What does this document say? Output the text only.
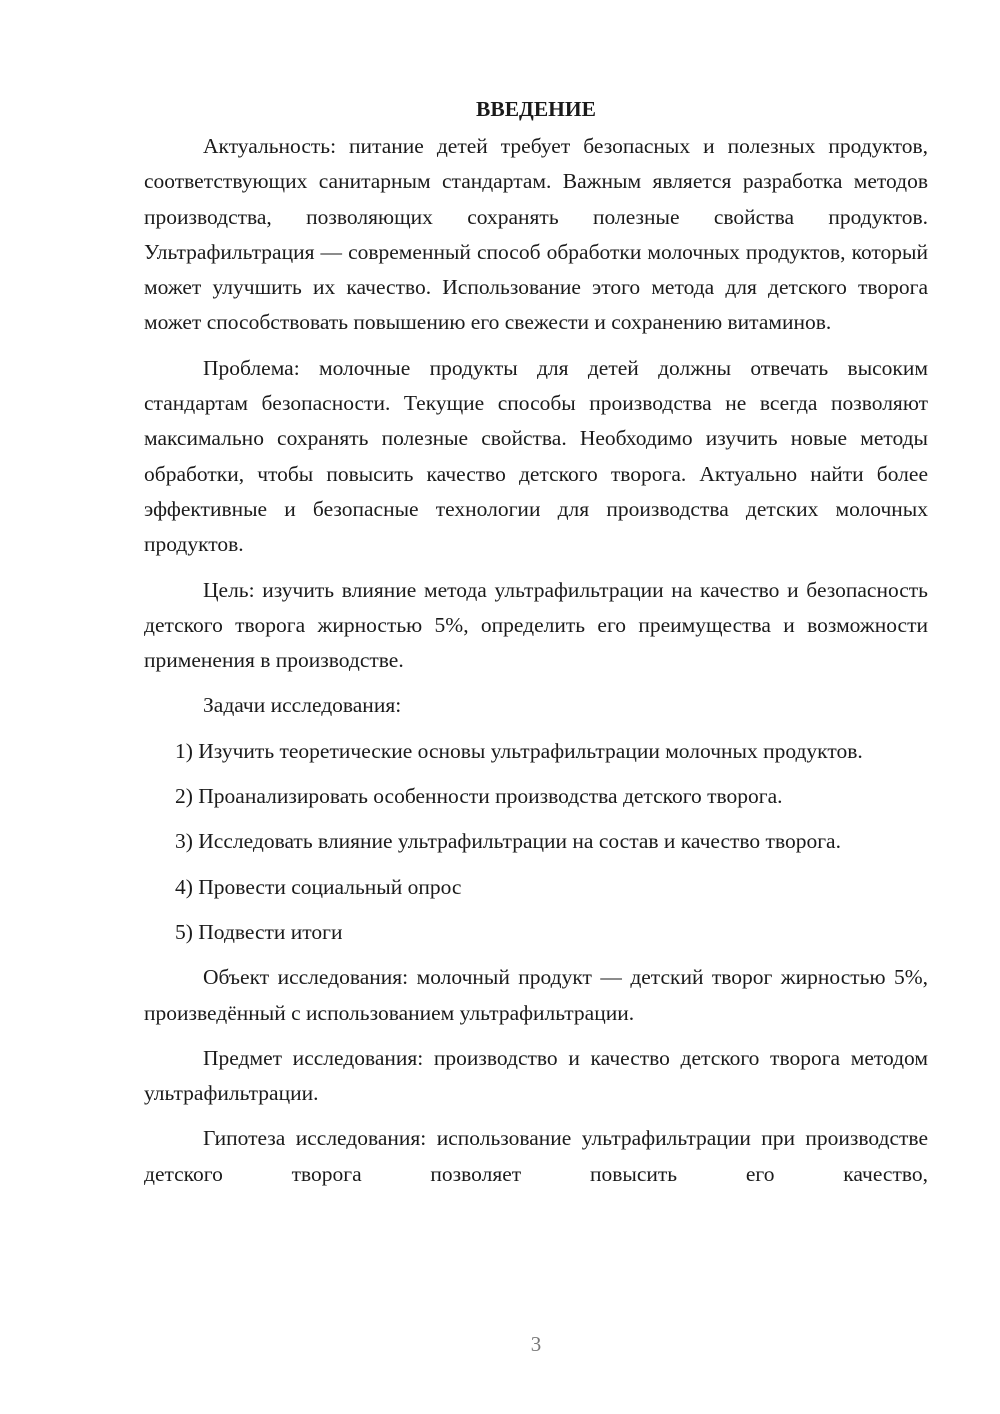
ВВЕДЕНИЕ

Актуальность: питание детей требует безопасных и полезных продуктов, соответствующих санитарным стандартам. Важным является разработка методов производства, позволяющих сохранять полезные свойства продуктов. Ультрафильтрация — современный способ обработки молочных продуктов, который может улучшить их качество. Использование этого метода для детского творога может способствовать повышению его свежести и сохранению витаминов.

Проблема: молочные продукты для детей должны отвечать высоким стандартам безопасности. Текущие способы производства не всегда позволяют максимально сохранять полезные свойства. Необходимо изучить новые методы обработки, чтобы повысить качество детского творога. Актуально найти более эффективные и безопасные технологии для производства детских молочных продуктов.

Цель: изучить влияние метода ультрафильтрации на качество и безопасность детского творога жирностью 5%, определить его преимущества и возможности применения в производстве.

Задачи исследования:

1) Изучить теоретические основы ультрафильтрации молочных продуктов.

2) Проанализировать особенности производства детского творога.

3) Исследовать влияние ультрафильтрации на состав и качество творога.

4) Провести социальный опрос

5) Подвести итоги

Объект исследования: молочный продукт — детский творог жирностью 5%, произведённый с использованием ультрафильтрации.

Предмет исследования: производство и качество детского творога методом ультрафильтрации.

Гипотеза исследования: использование ультрафильтрации при производстве детского творога позволяет повысить его качество,

3
